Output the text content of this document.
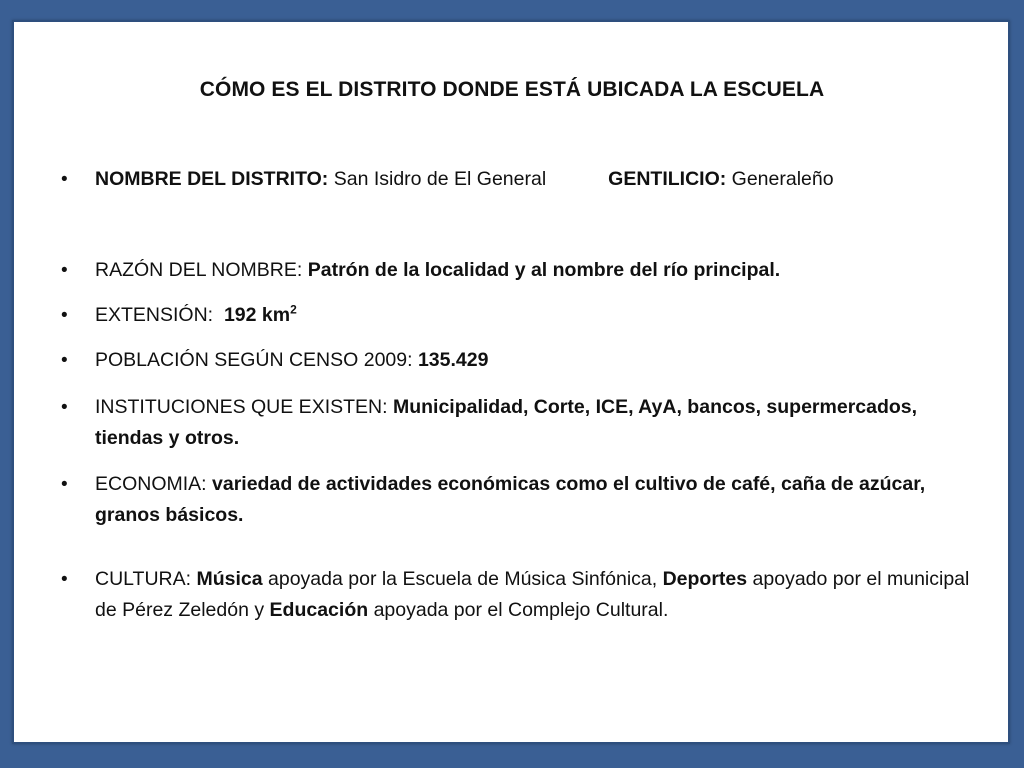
CÓMO ES EL DISTRITO DONDE ESTÁ UBICADA LA ESCUELA
• NOMBRE DEL DISTRITO: San Isidro de El General	GENTILICIO: Generaleño
• RAZÓN DEL NOMBRE: Patrón de la localidad y al nombre del río principal.
• EXTENSIÓN: 192 $km^2$
• POBLACIÓN SEGÚN CENSO 2009: 135.429
• INSTITUCIONES QUE EXISTEN: Municipalidad, Corte, ICE, AyA, bancos, supermercados, tiendas y otros.
• ECONOMIA: variedad de actividades económicas como el cultivo de café, caña de azúcar, granos básicos.
• CULTURA: Música apoyada por la Escuela de Música Sinfónica, Deportes apoyado por el municipal de Pérez Zeledón y Educación apoyada por el Complejo Cultural.
